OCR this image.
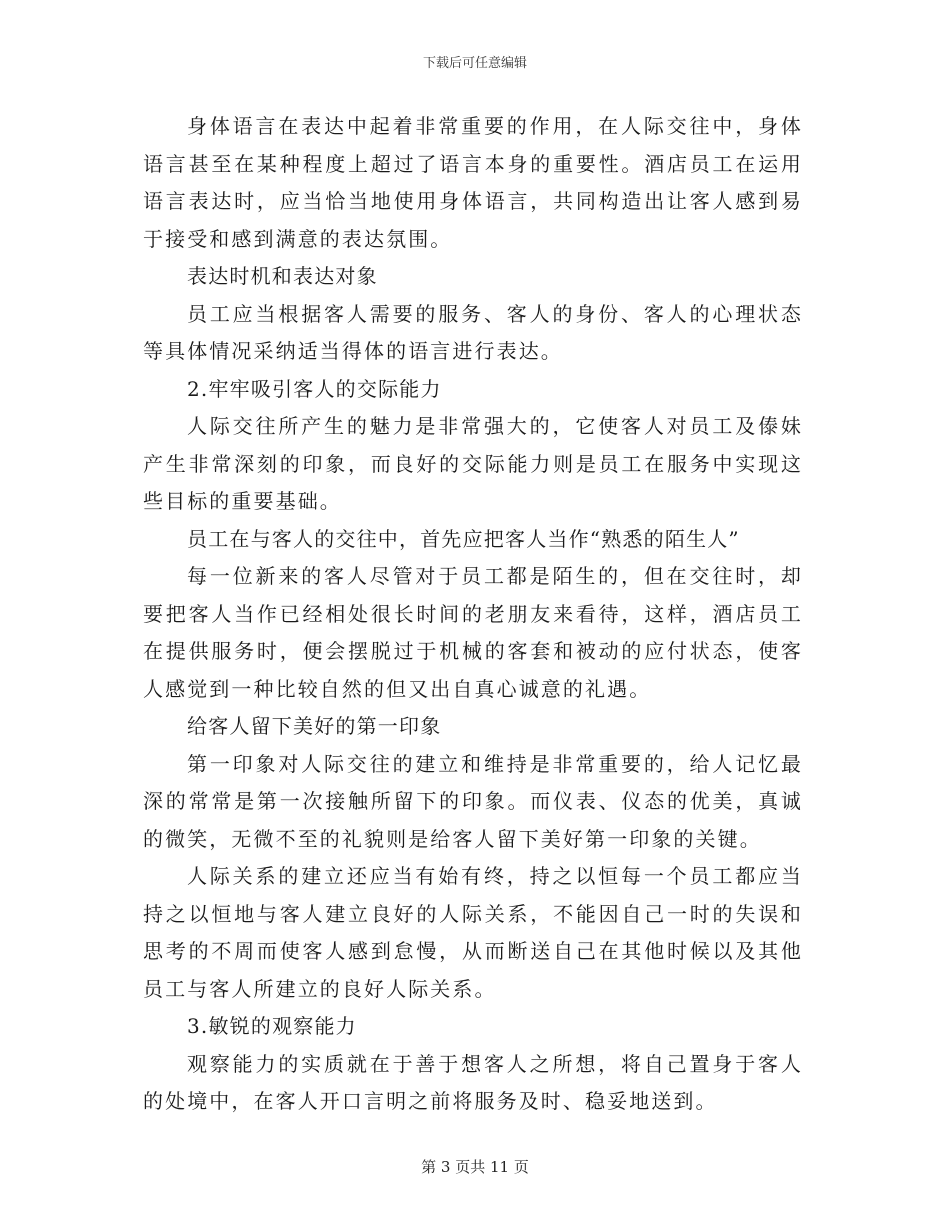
下载后可任意编辑

身体语言在表达中起着非常重要的作用，在人际交往中，身体语言甚至在某种程度上超过了语言本身的重要性。酒店员工在运用语言表达时，应当恰当地使用身体语言，共同构造出让客人感到易于接受和感到满意的表达氛围。

表达时机和表达对象

员工应当根据客人需要的服务、客人的身份、客人的心理状态等具体情况采纳适当得体的语言进行表达。

2.牢牢吸引客人的交际能力

人际交往所产生的魅力是非常强大的，它使客人对员工及傣妹产生非常深刻的印象，而良好的交际能力则是员工在服务中实现这些目标的重要基础。

员工在与客人的交往中，首先应把客人当作“熟悉的陌生人”

每一位新来的客人尽管对于员工都是陌生的，但在交往时，却要把客人当作已经相处很长时间的老朋友来看待，这样，酒店员工在提供服务时，便会摆脱过于机械的客套和被动的应付状态，使客人感觉到一种比较自然的但又出自真心诚意的礼遇。

给客人留下美好的第一印象

第一印象对人际交往的建立和维持是非常重要的，给人记忆最深的常常是第一次接触所留下的印象。而仪表、仪态的优美，真诚的微笑，无微不至的礼貌则是给客人留下美好第一印象的关键。

人际关系的建立还应当有始有终，持之以恒每一个员工都应当持之以恒地与客人建立良好的人际关系，不能因自己一时的失误和思考的不周而使客人感到怠慢，从而断送自己在其他时候以及其他员工与客人所建立的良好人际关系。

3.敏锐的观察能力

观察能力的实质就在于善于想客人之所想，将自己置身于客人的处境中，在客人开口言明之前将服务及时、稳妥地送到。

第 3 页共 11 页
